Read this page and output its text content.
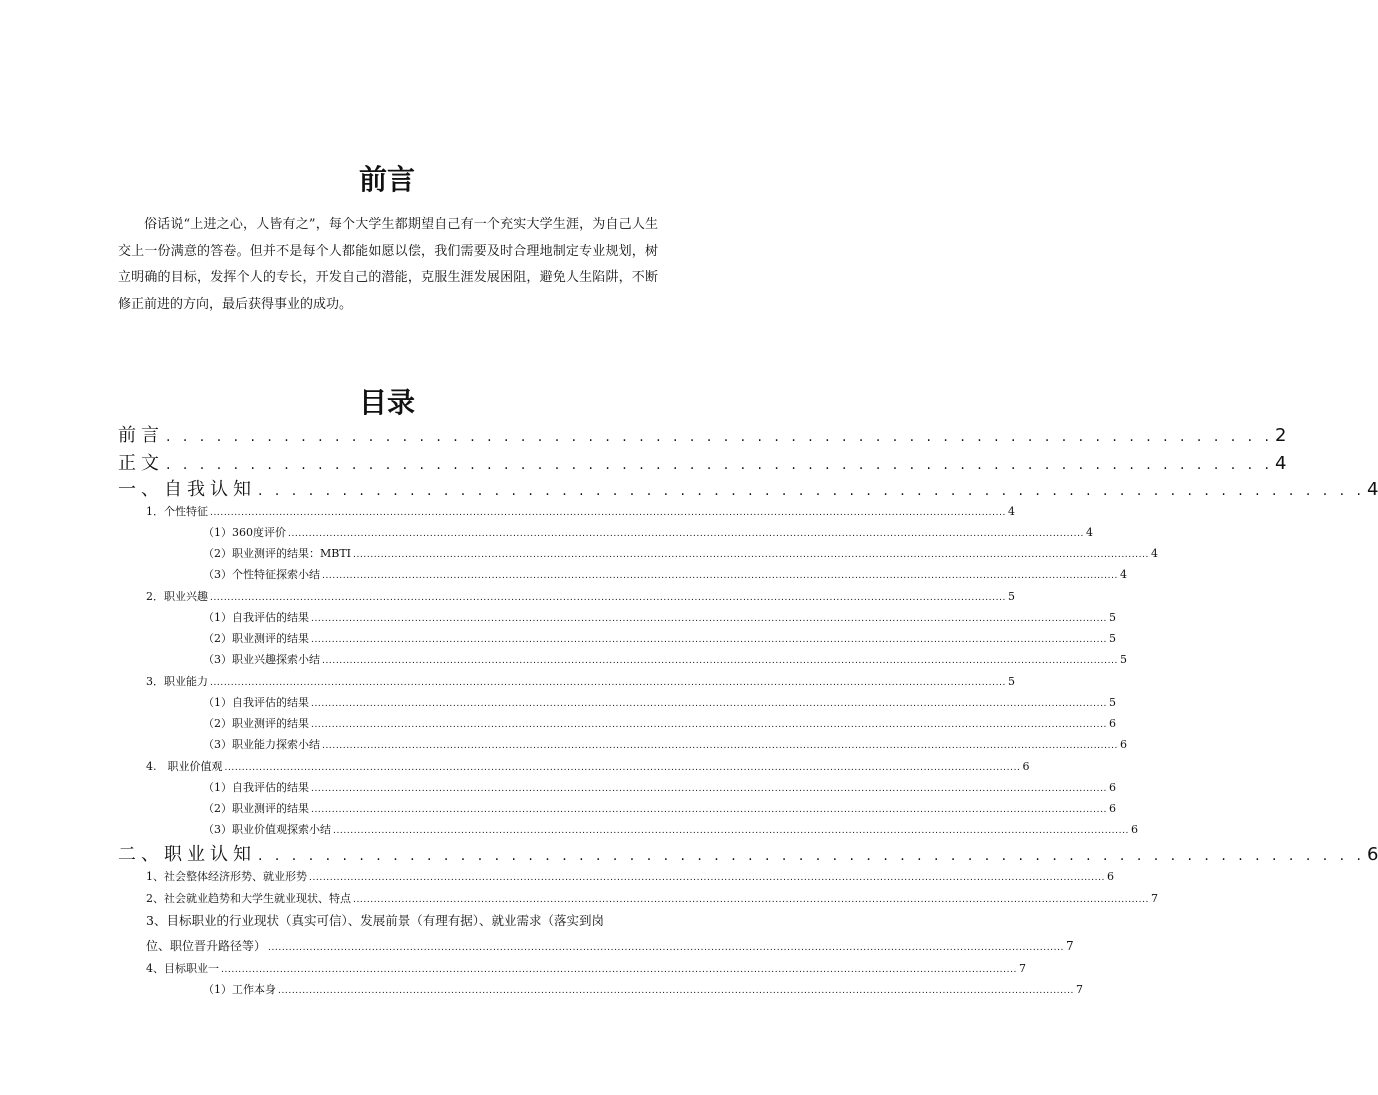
前言

俗话说“上进之心，人皆有之”，每个大学生都期望自己有一个充实大学生涯，为自己人生交上一份满意的答卷。但并不是每个人都能如愿以偿，我们需要及时合理地制定专业规划，树立明确的目标，发挥个人的专长，开发自己的潜能，克服生涯发展困阻，避免人生陷阱，不断修正前进的方向，最后获得事业的成功。

目录
前言 . . . . . . . . . . . . . . . . . . . . . . . . . . . . . . . . . . . . . . . . . . . . . . . . . . . . . . . . . . . . . . . . . . 2
正文 . . . . . . . . . . . . . . . . . . . . . . . . . . . . . . . . . . . . . . . . . . . . . . . . . . . . . . . . . . . . . . . . . . 4
一、自我认知 . . . . . . . . . . . . . . . . . . . . . . . . . . . . . . . . . . . . . . . . . . . . . . . . . . . . . . . . . . . . . . . . . . 4
1．个性特征 ...................................................................................................................................................................................................................................... 4
（1）360度评价 ...................................................................................................................................................................................................................................... 4
（2）职业测评的结果：MBTI ...................................................................................................................................................................................................................................... 4
（3）个性特征探索小结 ...................................................................................................................................................................................................................................... 4
2．职业兴趣 ...................................................................................................................................................................................................................................... 5
（1）自我评估的结果 ...................................................................................................................................................................................................................................... 5
（2）职业测评的结果 ...................................................................................................................................................................................................................................... 5
（3）职业兴趣探索小结 ...................................................................................................................................................................................................................................... 5
3．职业能力 ...................................................................................................................................................................................................................................... 5
（1）自我评估的结果 ...................................................................................................................................................................................................................................... 5
（2）职业测评的结果 ...................................................................................................................................................................................................................................... 6
（3）职业能力探索小结 ...................................................................................................................................................................................................................................... 6
4.　职业价值观 ...................................................................................................................................................................................................................................... 6
（1）自我评估的结果 ...................................................................................................................................................................................................................................... 6
（2）职业测评的结果 ...................................................................................................................................................................................................................................... 6
（3）职业价值观探索小结 ...................................................................................................................................................................................................................................... 6
二、职业认知 . . . . . . . . . . . . . . . . . . . . . . . . . . . . . . . . . . . . . . . . . . . . . . . . . . . . . . . . . . . . . . . . . . 6
1、社会整体经济形势、就业形势 ...................................................................................................................................................................................................................................... 6
2、社会就业趋势和大学生就业现状、特点 ...................................................................................................................................................................................................................................... 7
3、目标职业的行业现状（真实可信）、发展前景（有理有据）、就业需求（落实到岗
位、职位晋升路径等） ...................................................................................................................................................................................................................................... 7
4、目标职业一 ...................................................................................................................................................................................................................................... 7
（1）工作本身 ...................................................................................................................................................................................................................................... 7
